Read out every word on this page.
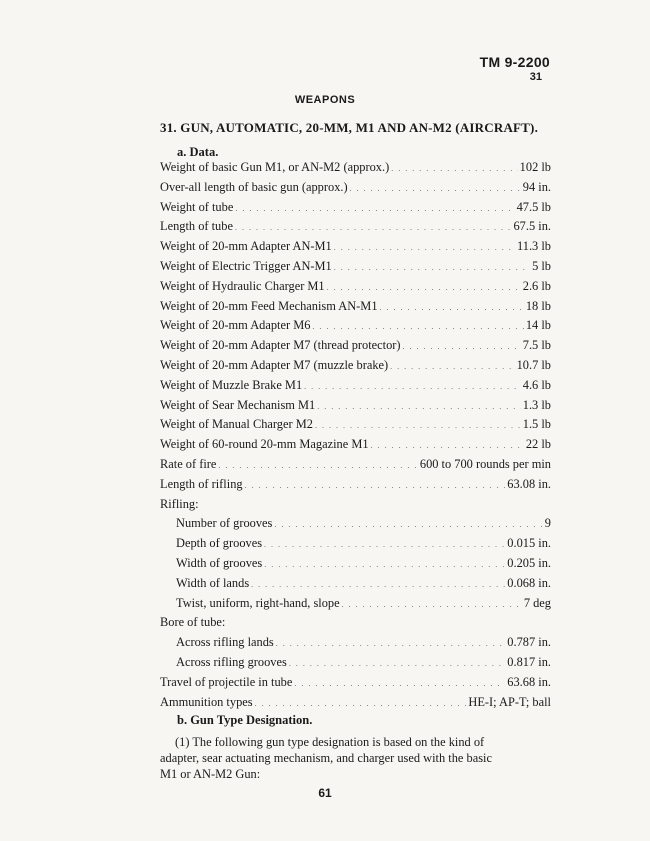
TM 9-2200
31
WEAPONS
31. GUN, AUTOMATIC, 20-MM, M1 AND AN-M2 (AIRCRAFT).
a. Data.
Weight of basic Gun M1, or AN-M2 (approx.) . . .	102 lb
Over-all length of basic gun (approx.) . . .	94 in.
Weight of tube . . .	47.5 lb
Length of tube . . .	67.5 in.
Weight of 20-mm Adapter AN-M1 . . .	11.3 lb
Weight of Electric Trigger AN-M1 . . .	5 lb
Weight of Hydraulic Charger M1 . . .	2.6 lb
Weight of 20-mm Feed Mechanism AN-M1 . . .	18 lb
Weight of 20-mm Adapter M6 . . .	14 lb
Weight of 20-mm Adapter M7 (thread protector) . . .	7.5 lb
Weight of 20-mm Adapter M7 (muzzle brake) . . .	10.7 lb
Weight of Muzzle Brake M1 . . .	4.6 lb
Weight of Sear Mechanism M1 . . .	1.3 lb
Weight of Manual Charger M2 . . .	1.5 lb
Weight of 60-round 20-mm Magazine M1 . . .	22 lb
Rate of fire . . .	600 to 700 rounds per min
Length of rifling . . .	63.08 in.
Rifling:
Number of grooves . . .	9
Depth of grooves . . .	0.015 in.
Width of grooves . . .	0.205 in.
Width of lands . . .	0.068 in.
Twist, uniform, right-hand, slope . . .	7 deg
Bore of tube:
Across rifling lands . . .	0.787 in.
Across rifling grooves . . .	0.817 in.
Travel of projectile in tube . . .	63.68 in.
Ammunition types . . .	HE-I; AP-T; ball
b. Gun Type Designation.
(1) The following gun type designation is based on the kind of
adapter, sear actuating mechanism, and charger used with the basic
M1 or AN-M2 Gun:
61
